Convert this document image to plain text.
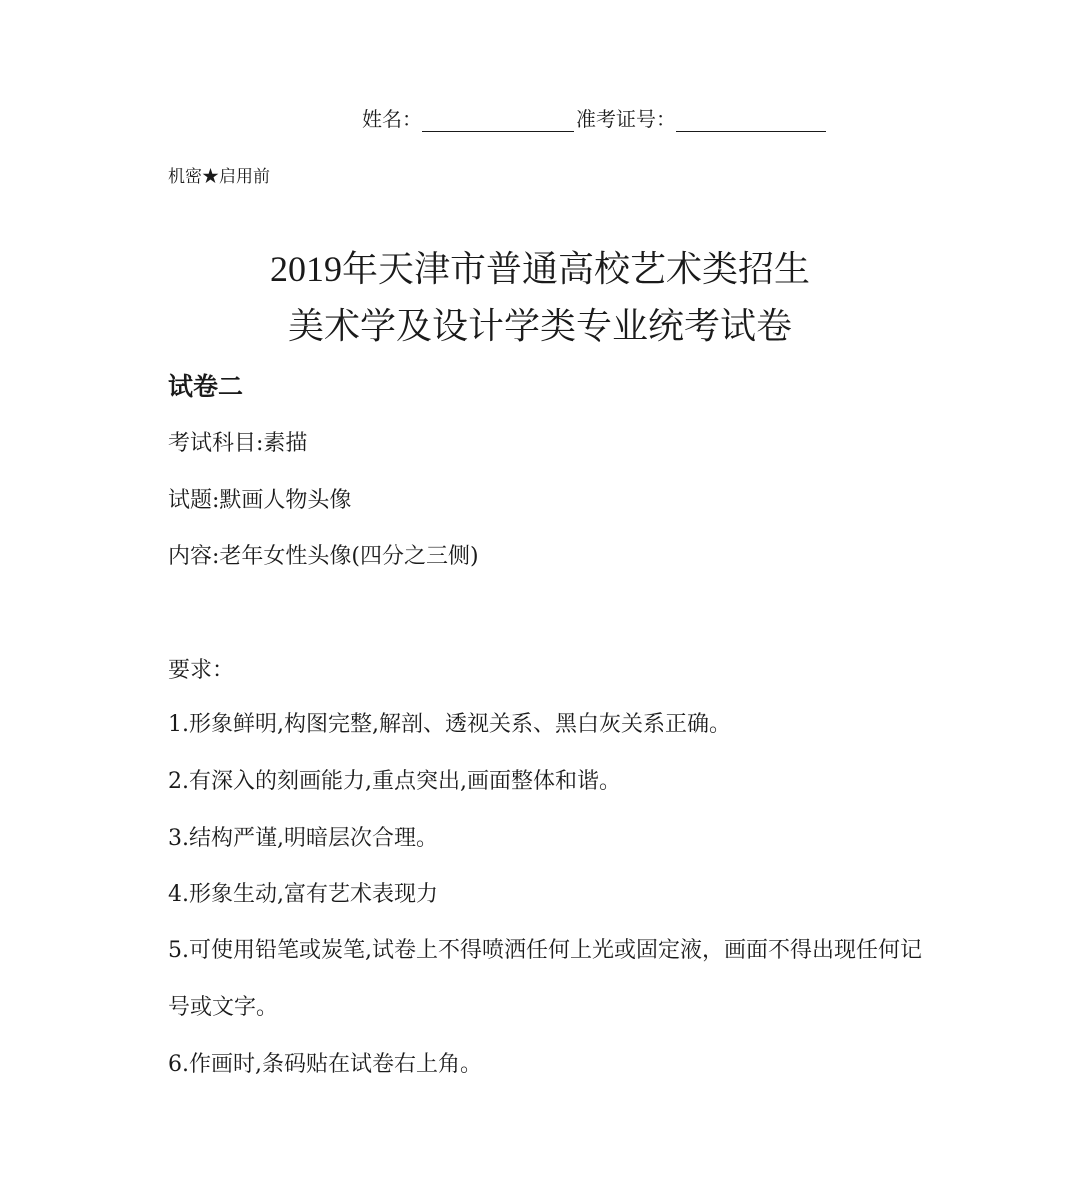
姓名：	准考证号：
机密★启用前
2019年天津市普通高校艺术类招生
美术学及设计学类专业统考试卷
试卷二
考试科目:素描
试题:默画人物头像
内容:老年女性头像(四分之三侧)
要求：
1.形象鲜明,构图完整,解剖、透视关系、黑白灰关系正确。
2.有深入的刻画能力,重点突出,画面整体和谐。
3.结构严谨,明暗层次合理。
4.形象生动,富有艺术表现力
5.可使用铅笔或炭笔,试卷上不得喷洒任何上光或固定液，画面不得出现任何记号或文字。
6.作画时,条码贴在试卷右上角。
